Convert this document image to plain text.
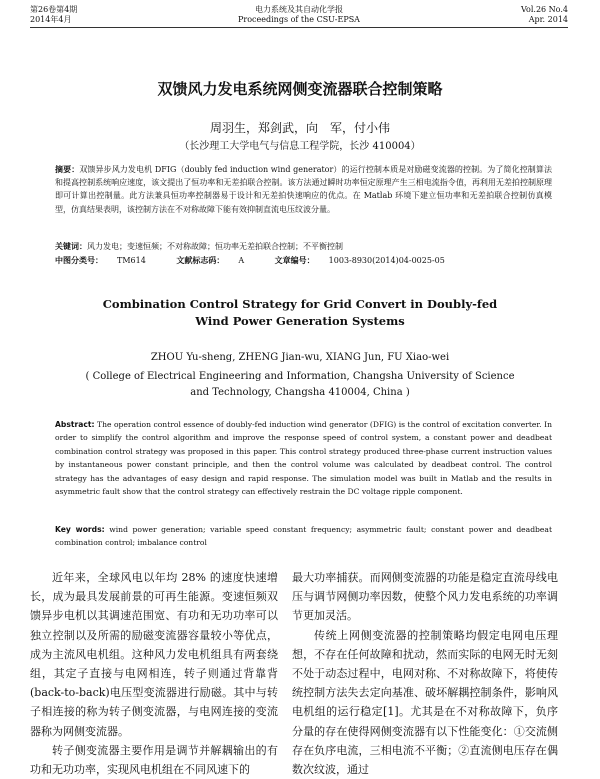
第26卷第4期
2014年4月
电力系统及其自动化学报
Proceedings of the CSU-EPSA
Vol.26 No.4
Apr. 2014
双馈风力发电系统网侧变流器联合控制策略
周羽生，郑剑武，向　军，付小伟
（长沙理工大学电气与信息工程学院，长沙 410004）
摘要：双馈异步风力发电机 DFIG（doubly fed induction wind generator）的运行控制本质是对励磁变流器的控制。为了简化控制算法和提高控制系统响应速度，该文提出了恒功率和无差拍联合控制。该方法通过瞬时功率恒定原理产生三相电流指令值，再利用无差拍控制原理即可计算出控制量。此方法兼具恒功率控制器易于设计和无差拍快速响应的优点。在 Matlab 环境下建立恒功率和无差拍联合控制仿真模型，仿真结果表明，该控制方法在不对称故障下能有效抑制直流电压纹波分量。
关键词：风力发电；变速恒频；不对称故障；恒功率无差拍联合控制；不平衡控制
中图分类号： TM614	文献标志码： A	文章编号： 1003-8930(2014)04-0025-05
Combination Control Strategy for Grid Convert in Doubly-fed
Wind Power Generation Systems
ZHOU Yu-sheng, ZHENG Jian-wu, XIANG Jun, FU Xiao-wei
( College of Electrical Engineering and Information, Changsha University of Science and Technology, Changsha 410004, China )
Abstract: The operation control essence of doubly-fed induction wind generator (DFIG) is the control of excitation converter. In order to simplify the control algorithm and improve the response speed of control system, a constant power and deadbeat combination control strategy was proposed in this paper. This control strategy produced three-phase current instruction values by instantaneous power constant principle, and then the control volume was calculated by deadbeat control. The control strategy has the advantages of easy design and rapid response. The simulation model was built in Matlab and the results in asymmetric fault show that the control strategy can effectively restrain the DC voltage ripple component.
Key words: wind power generation; variable speed constant frequency; asymmetric fault; constant power and deadbeat combination control; imbalance control

近年来，全球风电以年均 28% 的速度快速增长，成为最具发展前景的可再生能源。变速恒频双馈异步电机以其调速范围宽、有功和无功功率可以独立控制以及所需的励磁变流器容量较小等优点，成为主流风电机组。这种风力发电机组具有两套绕组，其定子直接与电网相连，转子则通过背靠背(back-to-back)电压型变流器进行励磁。其中与转子相连接的称为转子侧变流器，与电网连接的变流器称为网侧变流器。

转子侧变流器主要作用是调节并解耦输出的有功和无功功率，实现风电机组在不同风速下的

最大功率捕获。而网侧变流器的功能是稳定直流母线电压与调节网侧功率因数，使整个风力发电系统的功率调节更加灵活。

传统上网侧变流器的控制策略均假定电网电压理想，不存在任何故障和扰动，然而实际的电网无时无刻不处于动态过程中，电网对称、不对称故障下，将使传统控制方法失去定向基准、破坏解耦控制条件，影响风电机组的运行稳定[1]。尤其是在不对称故障下，负序分量的存在使得网侧变流器有以下性能变化：①交流侧存在负序电流，三相电流不平衡；②直流侧电压存在偶数次纹波，通过
